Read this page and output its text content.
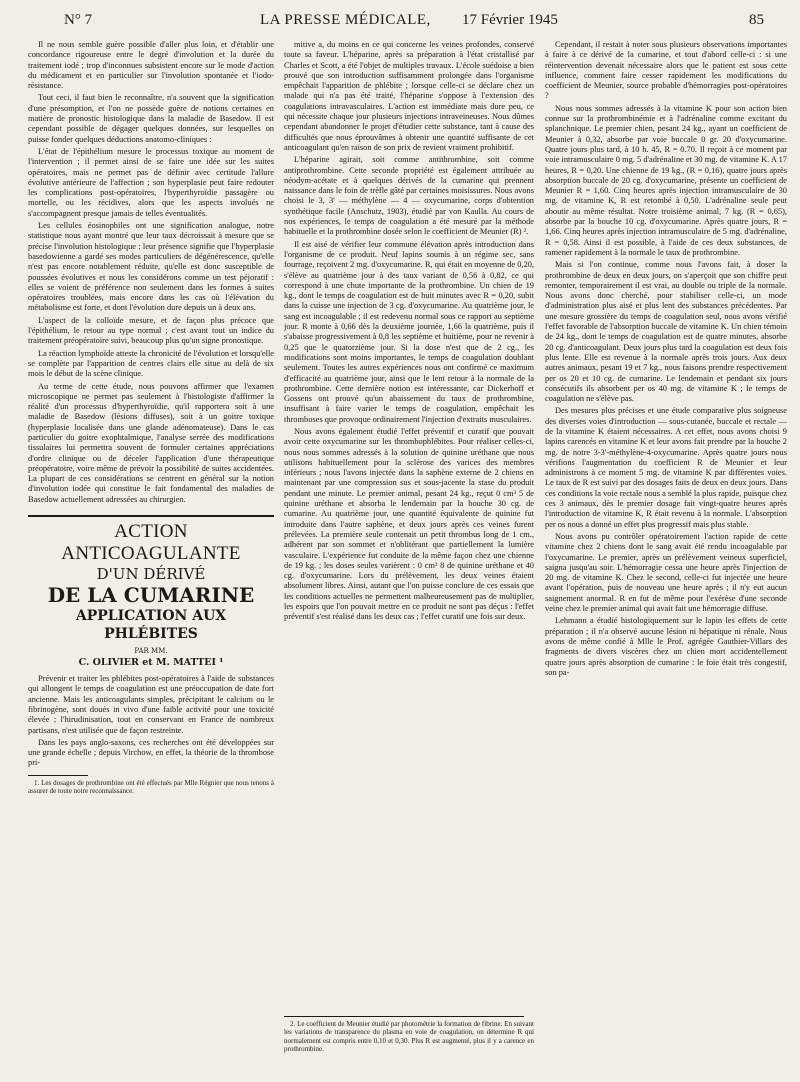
N° 7	LA PRESSE MÉDICALE, 17 Février 1945	85

Il ne nous semble guère possible d'aller plus loin, et d'établir une concordance rigoureuse entre le degré d'involution et la durée du traitement iodé ; trop d'inconnues subsistent encore sur le mode d'action du médicament et en particulier sur l'involution spontanée et l'iodo-résistance.

Tout ceci, il faut bien le reconnaître, n'a souvent que la signification d'une présomption, et l'on ne possède guère de notions certaines en matière de pronostic histologique dans la maladie de Basedow. Il est cependant possible de dégager quelques données, sur lesquelles on puisse fonder quelques déductions anatomo-cliniques :

L'état de l'épithélium mesure le processus toxique au moment de l'intervention ; il permet ainsi de se faire une idée sur les suites opératoires, mais ne permet pas de définir avec certitude l'allure évolutive antérieure de l'affection ; son hyperplasie peut faire redouter les complications post-opératoires, l'hyperthyroïdie passagère ou mortelle, ou les récidives, alors que les aspects involués ne s'accompagnent presque jamais de telles éventualités.

Les cellules éosinophiles ont une signification analogue, notre statistique nous ayant montré que leur taux décroissait à mesure que se précise l'involution histologique ; leur présence signifie que l'hyperplasie basedowienne a gardé ses modes particuliers de dégénérescence, qu'elle n'est pas encore notablement réduite, qu'elle est donc susceptible de poussées évolutives et nous les considérons comme un test péjoratif : elles se voient de préférence non seulement dans les formes à suites opératoires troublées, mais encore dans les cas où l'élévation du métabolisme est forte, et dont l'évolution dure depuis un à deux ans.

L'aspect de la colloïde mesure, et de façon plus précoce que l'épithélium, le retour au type normal ; c'est avant tout un indice du traitement préopératoire suivi, beaucoup plus qu'un signe pronostique.

La réaction lymphoïde atteste la chronicité de l'évolution et lorsqu'elle se complète par l'apparition de centres clairs elle situe au delà de six mois le début de la scène clinique.

Au terme de cette étude, nous pouvons affirmer que l'examen microscopique ne permet pas seulement à l'histologiste d'affirmer la réalité d'un processus d'hyperthyroïdie, qu'il rapportera soit à une maladie de Basedow (lésions diffuses), soit à un goitre toxique (hyperplasie localisée dans une glande adénomateuse). Dans le cas particulier du goitre exophtalmique, l'analyse serrée des modifications tissulaires lui permettra souvent de formuler certaines appréciations d'ordre clinique ou de déceler l'application d'une thérapeutique préopératoire, voire même de prévoir la possibilité de suites accidentées. La plupart de ces considérations se centrent en général sur la notion d'involution iodée qui constitue le fait fondamental des maladies de Basedow actuellement adressées au chirurgien.

ACTION ANTICOAGULANTE
D'UN DÉRIVÉ
DE LA CUMARINE
APPLICATION AUX PHLÉBITES
PAR MM.
C. OLIVIER et M. MATTEI ¹

Prévenir et traiter les phlébites post-opératoires à l'aide de substances qui allongent le temps de coagulation est une préoccupation de date fort ancienne. Mais les anticoagulants simples, précipitant le calcium ou le fibrinogène, sont doués in vivo d'une faible activité pour une toxicité élevée ; l'hirudinisation, tout en conservant en France de nombreux partisans, n'est utilisée que de façon restreinte.

Dans les pays anglo-saxons, ces recherches ont été développées sur une grande échelle ; depuis Virchow, en effet, la théorie de la thrombose pri-

1. Les dosages de prothrombine ont été effectués par Mlle Régnier que nous tenons à assurer de toute notre reconnaissance.

mitive a, du moins en ce qui concerne les veines profondes, conservé toute sa faveur. L'héparine, après sa préparation à l'état cristallisé par Charles et Scott, a été l'objet de multiples travaux. L'école suédoise a bien prouvé que son introduction suffisamment prolongée dans l'organisme empêchait l'apparition de phlébite ; lorsque celle-ci se déclare chez un malade qui n'a pas été traité, l'héparine s'oppose à l'extension des coagulations intravasculaires. L'action est immédiate mais dure peu, ce qui nécessite chaque jour plusieurs injections intraveineuses. Nous dûmes cependant abandonner le projet d'étudier cette substance, tant à cause des difficultés que nous éprouvâmes à obtenir une quantité suffisante de cet anticoagulant qu'en raison de son prix de revient vraiment prohibitif.

L'héparine agirait, soit comme antithrombine, soit comme antiprothrombine. Cette seconde propriété est également attribuée au néodym-acétate et à quelques dérivés de la cumarine qui prennent naissance dans le foin de trèfle gâté par certaines moisissures. Nous avons choisi le 3, 3' — méthylène — 4 — oxycumarine, corps d'obtention synthétique facile (Anschutz, 1903), étudié par von Kaulla. Au cours de nos expériences, le temps de coagulation a été mesuré par la méthode habituelle et la prothrombine dosée selon le coefficient de Meunier (R) ².

Il est aisé de vérifier leur commune élévation après introduction dans l'organisme de ce produit. Neuf lapins soumis à un régime sec, sans fourrage, reçoivent 2 mg. d'oxycumarine. R, qui était en moyenne de 0,20, s'élève au quatrième jour à des taux variant de 0,56 à 0,82, ce qui correspond à une chute importante de la prothrombine. Un chien de 19 kg., dont le temps de coagulation est de huit minutes avec R = 0,20, subit dans la cuisse une injection de 3 cg. d'oxycumarine. Au quatrième jour, le sang est incoagulable ; il est redevenu normal sous ce rapport au septième jour. R monte à 0,66 dès la deuxième journée, 1,66 la quatrième, puis il s'abaisse progressivement à 0,8 les septième et huitième, pour ne revenir à 0,25 que le quatorzième jour. Si la dose n'est que de 2 cg., les modifications sont moins importantes, le temps de coagulation doublant seulement. Toutes les autres expériences nous ont confirmé ce maximum d'efficacité au quatrième jour, ainsi que le lent retour à la normale de la prothrombine. Cette dernière notion est intéressante, car Dickerhoff et Gossens ont prouvé qu'un abaissement du taux de prothrombine, insuffisant à faire varier le temps de coagulation, empêchait les thromboses que provoque ordinairement l'injection d'extraits musculaires.

Nous avons également étudié l'effet préventif et curatif que pouvait avoir cette oxycumarine sur les thrombophlébites. Pour réaliser celles-ci, nous nous sommes adressés à la solution de quinine uréthane que nous utilisons habituellement pour la sclérose des varices des membres inférieurs ; nous l'avons injectée dans la saphène externe de 2 chiens en maintenant par une compression sus et sous-jacente la stase du produit pendant une minute. Le premier animal, pesant 24 kg., reçut 0 cm³ 5 de quinine uréthane et absorba le lendemain par la bouche 30 cg. de cumarine. Au quatrième jour, une quantité équivalente de quinine fut introduite dans l'autre saphène, et deux jours après ces veines furent prélevées. La première seule contenait un petit thrombus long de 1 cm., adhérent par son sommet et n'oblitérant que partiellement la lumière vasculaire. L'expérience fut conduite de la même façon chez une chienne de 19 kg. ; les doses seules varièrent : 0 cm³ 8 de quinine uréthane et 40 cg. d'oxycumarine. Lors du prélèvement, les deux veines étaient absolument libres. Ainsi, autant que l'on puisse conclure de ces essais que les conditions actuelles ne permettent malheureusement pas de multiplier, les espoirs que l'on pouvait mettre en ce produit ne sont pas déçus : l'effet préventif s'est réalisé dans les deux cas ; l'effet curatif une fois sur deux.

2. Le coefficient de Meunier étudié par photométrie la formation de fibrine. En suivant les variations de transparence du plasma en voie de coagulation, on détermine R qui normalement est compris entre 0,10 et 0,30. Plus R est augmenté, plus il y a carence en prothrombine.

Cependant, il restait à noter sous plusieurs observations importantes à faire à ce dérivé de la cumarine, et tout d'abord celle-ci : si une réintervention devenait nécessaire alors que le patient est sous cette influence, comment faire cesser rapidement les modifications du coefficient de Meunier, source probable d'hémorragies post-opératoires ?

Nous nous sommes adressés à la vitamine K pour son action bien connue sur la prothrombinémie et à l'adrénaline comme excitant du splanchnique. Le premier chien, pesant 24 kg., ayant un coefficient de Meunier à 0,32, absorbe par voie buccale 0 gr. 20 d'oxycumarine. Quatre jours plus tard, à 10 h. 45, R = 0.70. Il reçoit à ce moment par voie intramusculaire 0 mg. 5 d'adrénaline et 30 mg. de vitamine K. A 17 heures, R = 0,20. Une chienne de 19 kg., (R = 0,16), quatre jours après absorption buccale de 20 cg. d'oxycumarine, présente un coefficient de Meunier R = 1,60. Cinq heures après injection intramusculaire de 30 mg. de vitamine K, R est retombé à 0,50. L'adrénaline seule peut aboutir au même résultat. Notre troisième animal, 7 kg. (R = 0,65), absorbe par la bouche 10 cg. d'oxycumarine. Après quatre jours, R = 1,66. Cinq heures après injection intramusculaire de 5 mg. d'adrénaline, R = 0,58. Ainsi il est possible, à l'aide de ces deux substances, de ramener rapidement à la normale le taux de prothrombine.

Mais si l'on continue, comme nous l'avons fait, à doser la prothrombine de deux en deux jours, on s'aperçoit que son chiffre peut remonter, temporairement il est vrai, au double ou triple de la normale. Nous avons donc cherché, pour stabiliser celle-ci, un mode d'administration plus aisé et plus lent des substances précédentes. Par une mesure grossière du temps de coagulation seul, nous avons vérifié l'effet favorable de l'absorption buccale de vitamine K. Un chien témoin de 24 kg., dont le temps de coagulation est de quatre minutes, absorbe 20 cg. d'anticoagulant. Deux jours plus tard la coagulation est deux fois plus lente. Elle est revenue à la normale après trois jours. Aux deux autres animaux, pesant 19 et 7 kg., nous faisons prendre respectivement per os 20 et 10 cg. de cumarine. Le lendemain et pendant six jours consécutifs ils absorbent per os 40 mg. de vitamine K ; le temps de coagulation ne s'élève pas.

Des mesures plus précises et une étude comparative plus soigneuse des diverses voies d'introduction — sous-cutanée, buccale et rectale — de la vitamine K étaient nécessaires. A cet effet, nous avons choisi 9 lapins carencés en vitamine K et leur avons fait prendre par la bouche 2 mg. de notre 3-3'-méthylène-4-oxycumarine. Après quatre jours nous vérifions l'augmentation du coefficient R de Meunier et leur administrons à ce moment 5 mg. de vitamine K par différentes voies. Le taux de R est suivi par des dosages faits de deux en deux jours. Dans ces conditions la voie rectale nous a semblé la plus rapide, puisque chez ces 3 animaux, dès le premier dosage fait vingt-quatre heures après l'introduction de vitamine K, R était revenu à la normale. L'absorption per os nous a donné un effet plus progressif mais plus stable.

Nous avons pu contrôler opératoirement l'action rapide de cette vitamine chez 2 chiens dont le sang avait été rendu incoagulable par l'oxycumarine. Le premier, après un prélèvement veineux superficiel, saigna jusqu'au soir. L'hémorragie cessa une heure après l'injection de 20 mg. de vitamine K. Chez le second, celle-ci fut injectée une heure avant l'opération, puis de nouveau une heure après ; il n'y eut aucun saignement anormal. R en fut de même pour l'exérèse d'une seconde veine chez le premier animal qui avait fait une hémorragie diffuse.

Lehmann a étudié histologiquement sur le lapin les effets de cette préparation ; il n'a observé aucune lésion ni hépatique ni rénale. Nous avons de même confié à Mlle le Prof. agrégée Gauthier-Villars des fragments de divers viscères chez un chien mort accidentellement quatre jours après absorption de cumarine : le foie était très congestif, son pa-
